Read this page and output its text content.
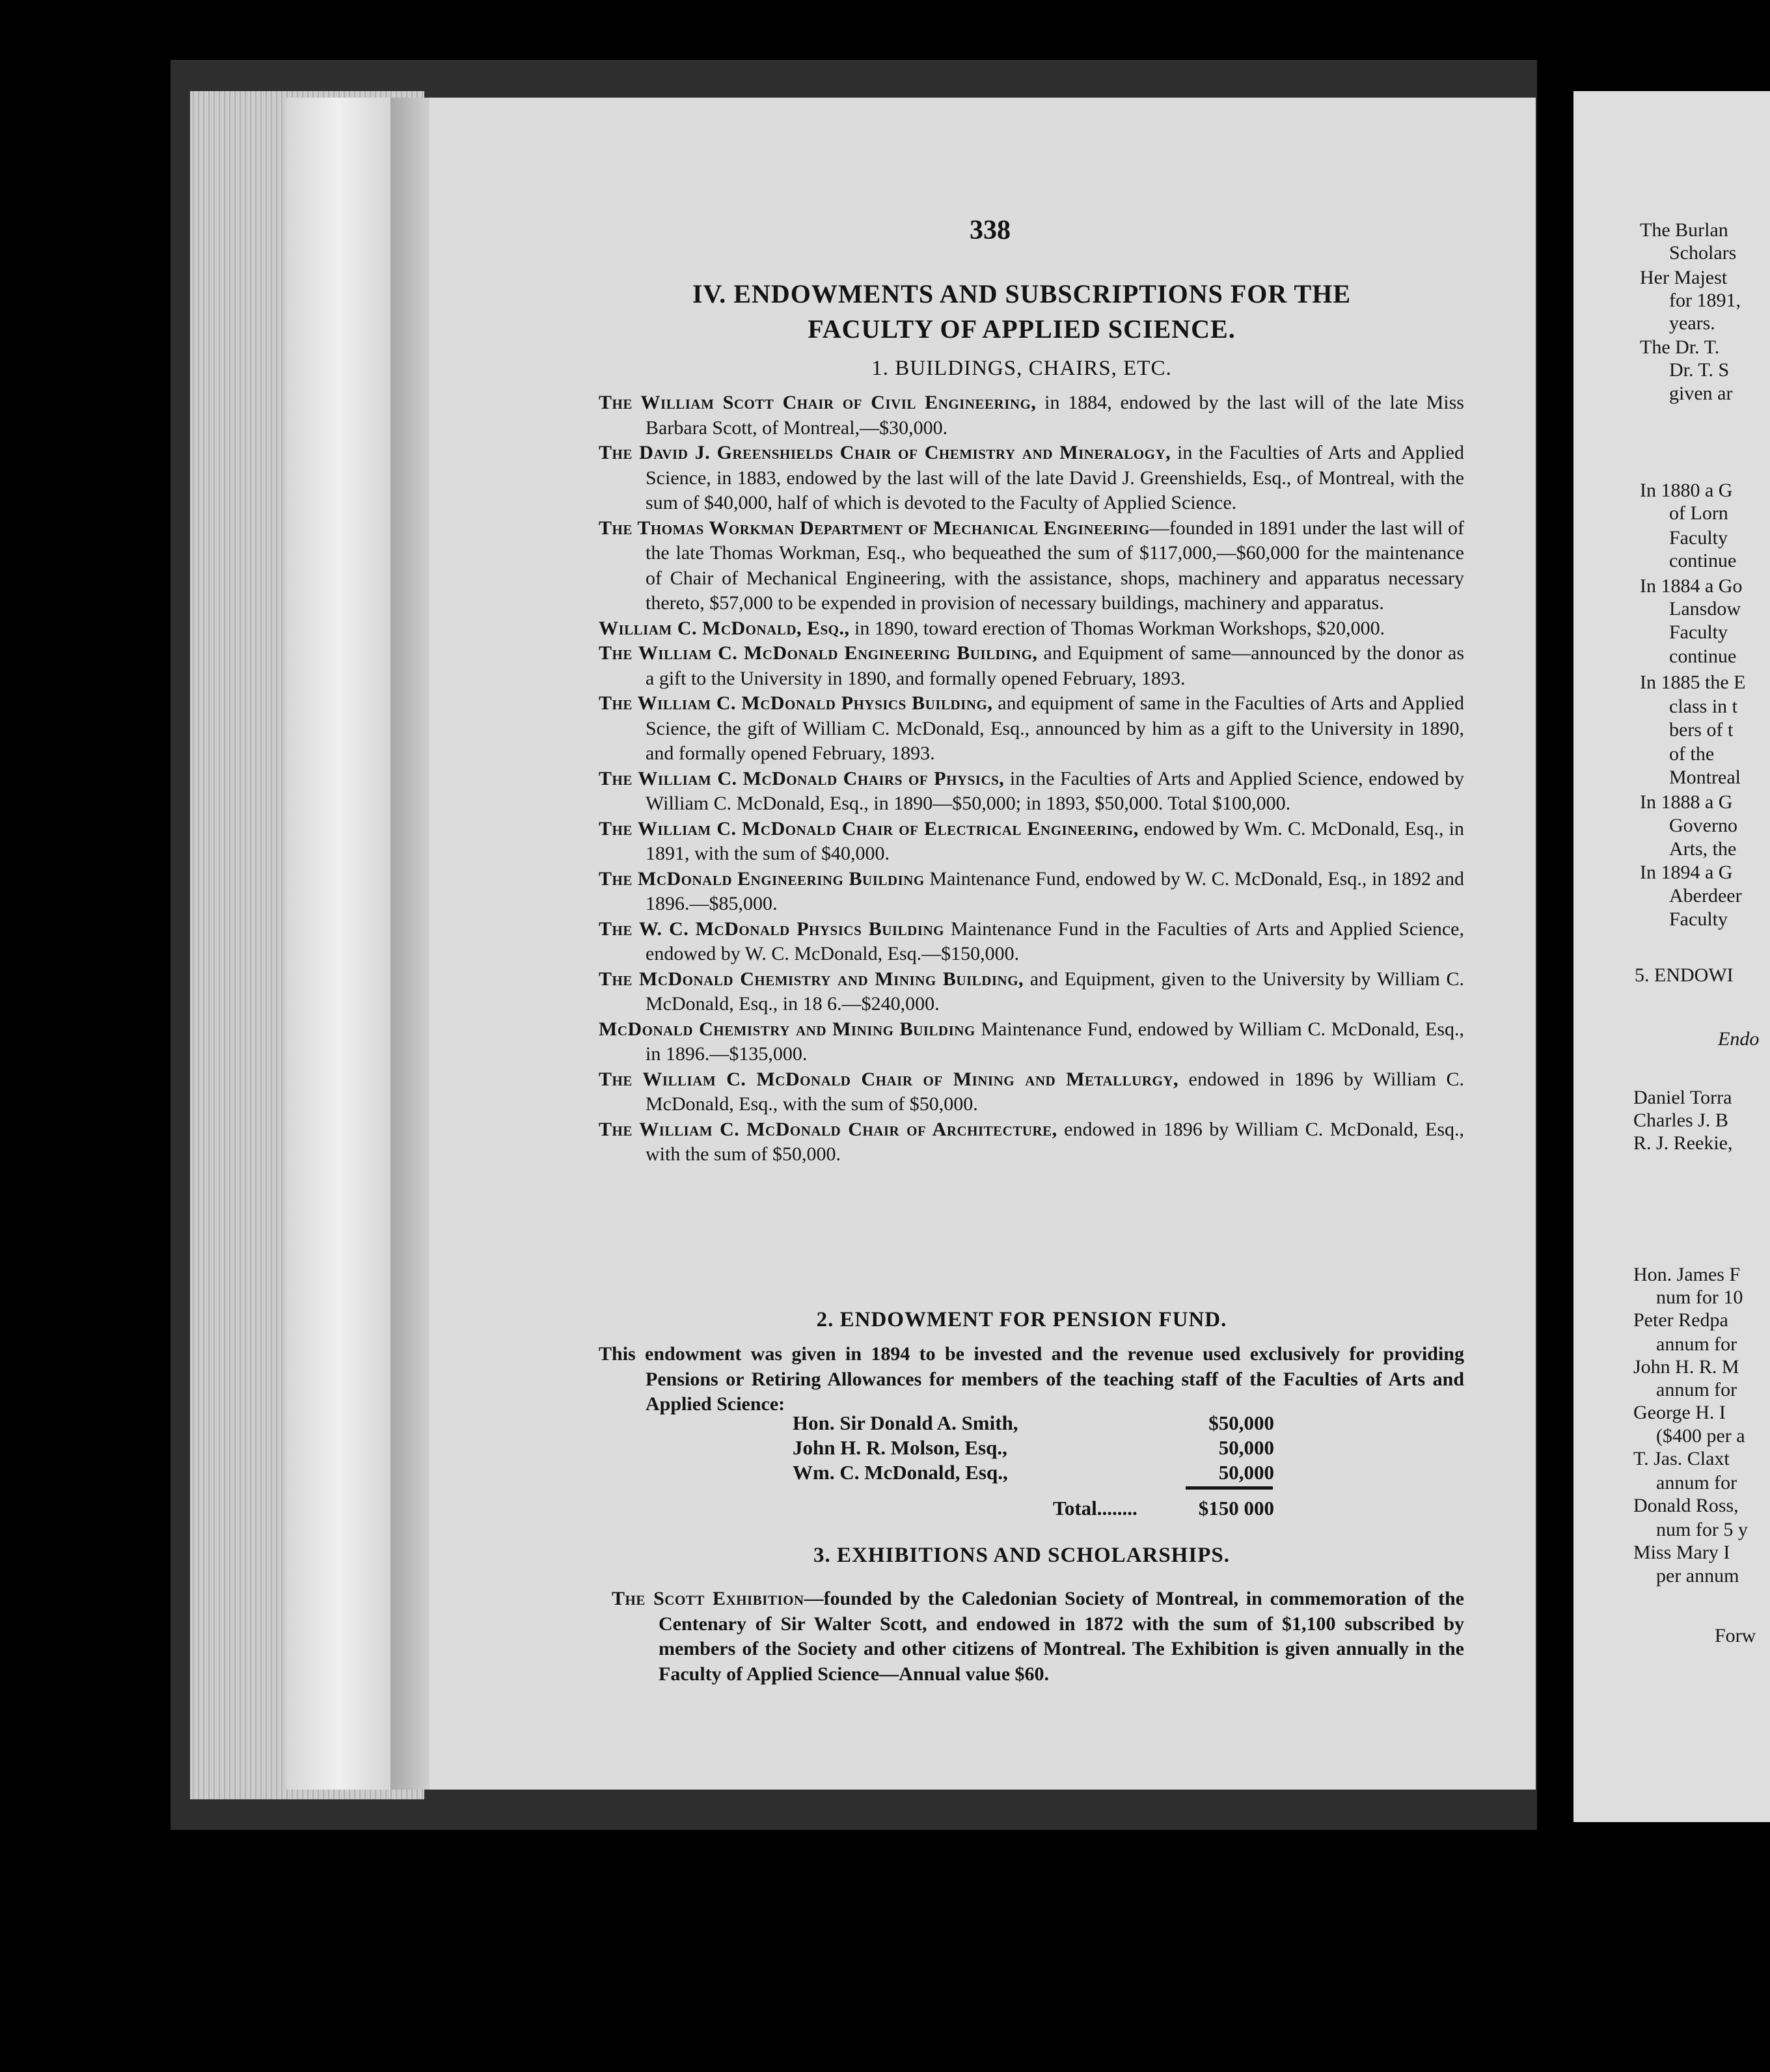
338
IV. ENDOWMENTS AND SUBSCRIPTIONS FOR THE
FACULTY OF APPLIED SCIENCE.
1. BUILDINGS, CHAIRS, ETC.

The William Scott Chair of Civil Engineering, in 1884, endowed by the last will of the late Miss Barbara Scott, of Montreal,—$30,000.

The David J. Greenshields Chair of Chemistry and Mineralogy, in the Faculties of Arts and Applied Science, in 1883, endowed by the last will of the late David J. Greenshields, Esq., of Montreal, with the sum of $40,000, half of which is devoted to the Faculty of Applied Science.

The Thomas Workman Department of Mechanical Engineering—founded in 1891 under the last will of the late Thomas Workman, Esq., who bequeathed the sum of $117,000,—$60,000 for the maintenance of Chair of Mechanical Engineering, with the assistance, shops, machinery and apparatus necessary thereto, $57,000 to be expended in provision of necessary buildings, machinery and apparatus.

William C. McDonald, Esq., in 1890, toward erection of Thomas Workman Workshops, $20,000.

The William C. McDonald Engineering Building, and Equipment of same—announced by the donor as a gift to the University in 1890, and formally opened February, 1893.

The William C. McDonald Physics Building, and equipment of same in the Faculties of Arts and Applied Science, the gift of William C. McDonald, Esq., announced by him as a gift to the University in 1890, and formally opened February, 1893.

The William C. McDonald Chairs of Physics, in the Faculties of Arts and Applied Science, endowed by William C. McDonald, Esq., in 1890—$50,000; in 1893, $50,000. Total $100,000.

The William C. McDonald Chair of Electrical Engineering, endowed by Wm. C. McDonald, Esq., in 1891, with the sum of $40,000.

The McDonald Engineering Building Maintenance Fund, endowed by W. C. McDonald, Esq., in 1892 and 1896.—$85,000.

The W. C. McDonald Physics Building Maintenance Fund in the Faculties of Arts and Applied Science, endowed by W. C. McDonald, Esq.—$150,000.

The McDonald Chemistry and Mining Building, and Equipment, given to the University by William C. McDonald, Esq., in 18 6.—$240,000.

McDonald Chemistry and Mining Building Maintenance Fund, endowed by William C. McDonald, Esq., in 1896.—$135,000.

The William C. McDonald Chair of Mining and Metallurgy, endowed in 1896 by William C. McDonald, Esq., with the sum of $50,000.

The William C. McDonald Chair of Architecture, endowed in 1896 by William C. McDonald, Esq., with the sum of $50,000.

2. ENDOWMENT FOR PENSION FUND.

This endowment was given in 1894 to be invested and the revenue used exclusively for providing Pensions or Retiring Allowances for members of the teaching staff of the Faculties of Arts and Applied Science:

Hon. Sir Donald A. Smith,	$50,000
John H. R. Molson, Esq.,	50,000
Wm. C. McDonald, Esq.,	50,000
Total........	$150 000
3. EXHIBITIONS AND SCHOLARSHIPS.

The Scott Exhibition—founded by the Caledonian Society of Montreal, in commemoration of the Centenary of Sir Walter Scott, and endowed in 1872 with the sum of $1,100 subscribed by members of the Society and other citizens of Montreal. The Exhibition is given annually in the Faculty of Applied Science—Annual value $60.

The Burlan
Scholars
Her Majest
for 1891,
years.
The Dr. T.
Dr. T. S
given ar
In 1880 a G
of Lorn
Faculty
continue
In 1884 a Go
Lansdow
Faculty
continue
In 1885 the E
class in t
bers of t
of the
Montreal
In 1888 a G
Governo
Arts, the
In 1894 a G
Aberdeer
Faculty
5. ENDOWI
Endo
Daniel Torra
Charles J. B
R. J. Reekie,
Hon. James F
num for 10
Peter Redpa
annum for
John H. R. M
annum for
George H. I
($400 per a
T. Jas. Claxt
annum for
Donald Ross,
num for 5 y
Miss Mary I
per annum
Forw
